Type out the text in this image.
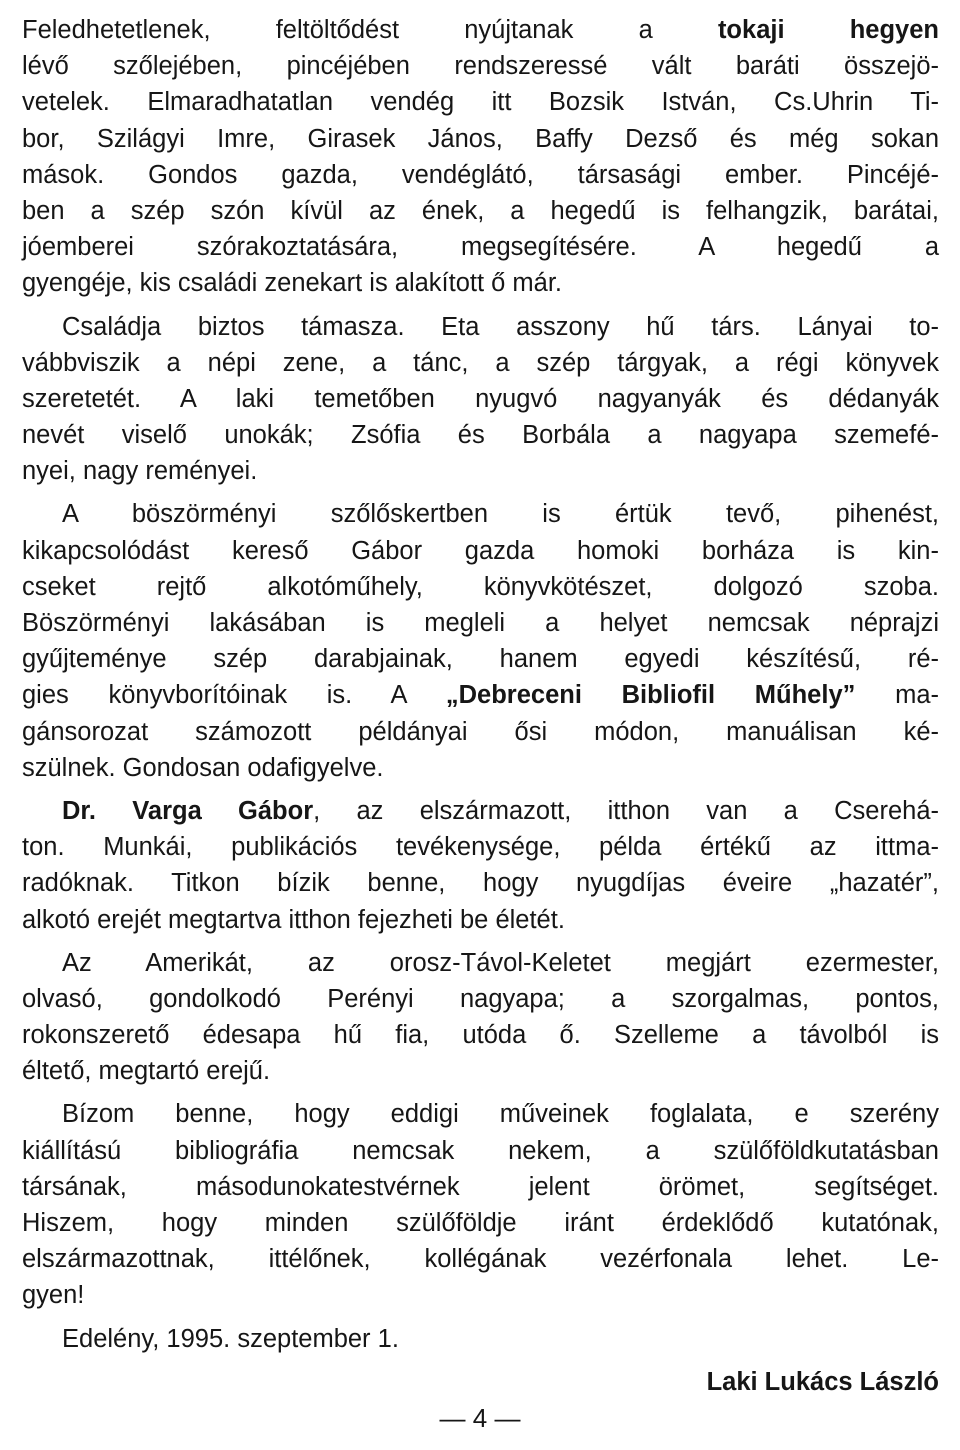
Feledhetetlenek, feltöltődést nyújtanak a tokaji hegyen
lévő szőlejében, pincéjében rendszeressé vált baráti összejö-
vetelek. Elmaradhatatlan vendég itt Bozsik István, Cs.Uhrin Ti-
bor, Szilágyi Imre, Girasek János, Baffy Dezső és még sokan
mások. Gondos gazda, vendéglátó, társasági ember. Pincéjé-
ben a szép szón kívül az ének, a hegedű is felhangzik, barátai,
jóemberei szórakoztatására, megsegítésére. A hegedű a
gyengéje, kis családi zenekart is alakított ő már.
Családja biztos támasza. Eta asszony hű társ. Lányai to-
vábbviszik a népi zene, a tánc, a szép tárgyak, a régi könyvek
szeretetét. A laki temetőben nyugvó nagyanyák és dédanyák
nevét viselő unokák; Zsófia és Borbála a nagyapa szemefé-
nyei, nagy reményei.
A böszörményi szőlőskertben is értük tevő, pihenést,
kikapcsolódást kereső Gábor gazda homoki borháza is kin-
cseket rejtő alkotóműhely, könyvkötészet, dolgozó szoba.
Böszörményi lakásában is megleli a helyet nemcsak néprajzi
gyűjteménye szép darabjainak, hanem egyedi készítésű, ré-
gies könyvborítóinak is. A „Debreceni Bibliofil Műhely” ma-
gánsorozat számozott példányai ősi módon, manuálisan ké-
szülnek. Gondosan odafigyelve.
Dr. Varga Gábor, az elszármazott, itthon van a Cserehá-
ton. Munkái, publikációs tevékenysége, példa értékű az ittma-
radóknak. Titkon bízik benne, hogy nyugdíjas éveire „hazatér”,
alkotó erejét megtartva itthon fejezheti be életét.
Az Amerikát, az orosz-Távol-Keletet megjárt ezermester,
olvasó, gondolkodó Perényi nagyapa; a szorgalmas, pontos,
rokonszerető édesapa hű fia, utóda ő. Szelleme a távolból is
éltető, megtartó erejű.
Bízom benne, hogy eddigi műveinek foglalata, e szerény
kiállítású bibliográfia nemcsak nekem, a szülőföldkutatásban
társának, másodunokatestvérnek jelent örömet, segítséget.
Hiszem, hogy minden szülőföldje iránt érdeklődő kutatónak,
elszármazottnak, ittélőnek, kollégának vezérfonala lehet. Le-
gyen!
Edelény, 1995. szeptember 1.
Laki Lukács László
— 4 —
